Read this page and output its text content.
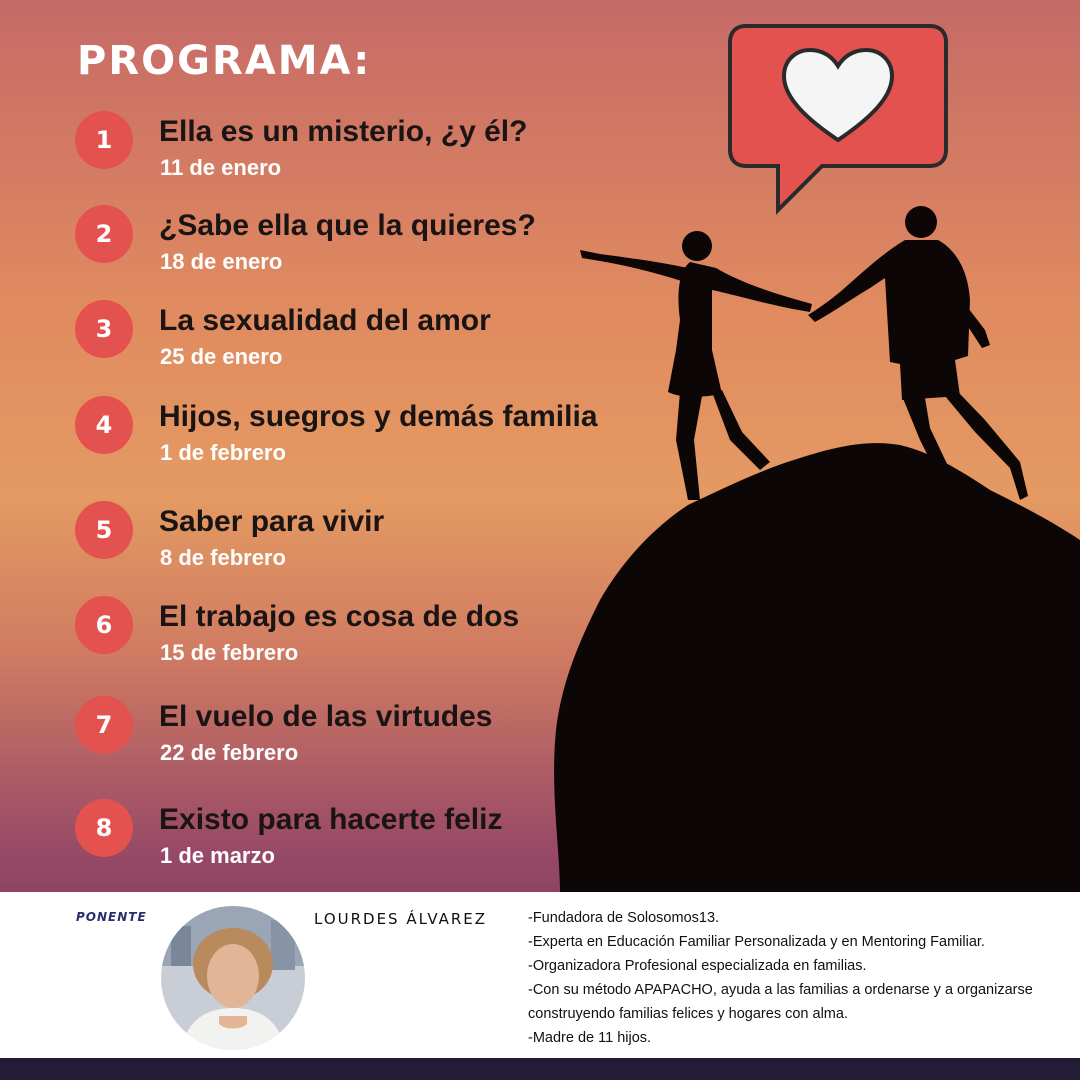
PROGRAMA:
1	Ella es un misterio, ¿y él?
11 de enero
2	¿Sabe ella que la quieres?
18 de enero
3	La sexualidad del amor
25 de enero
4	Hijos, suegros y demás familia
1 de febrero
5	Saber para vivir
8 de febrero
6	El trabajo es cosa de dos
15 de febrero
7	El vuelo de las virtudes
22 de febrero
8	Existo para hacerte feliz
1 de marzo
PONENTE	LOURDES ÁLVAREZ	-Fundadora de Solosomos13.
-Experta en Educación Familiar Personalizada y en Mentoring Familiar.
-Organizadora Profesional especializada en familias.
-Con su método APAPACHO, ayuda a las familias a ordenarse y a organizarse construyendo familias felices y hogares con alma.
-Madre de 11 hijos.
